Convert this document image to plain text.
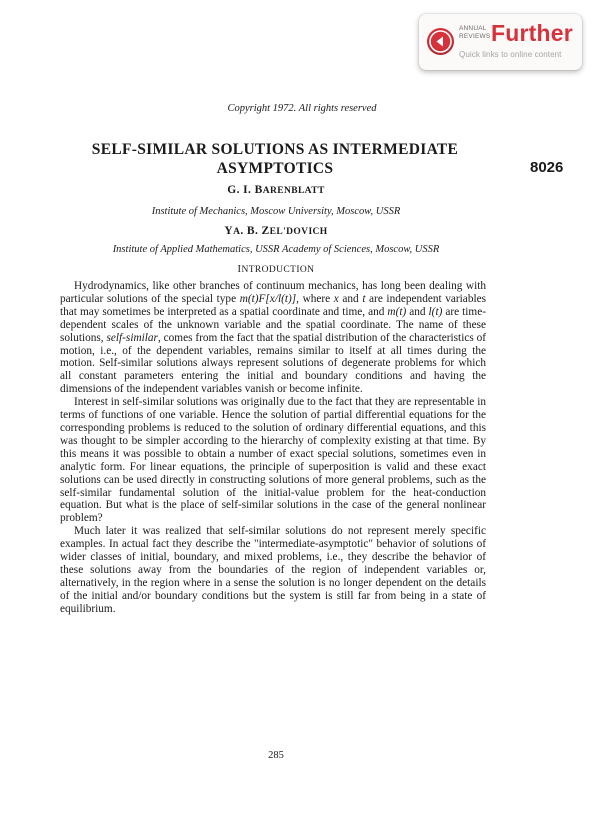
ANNUAL
REVIEWS Further
Quick links to online content
Copyright 1972. All rights reserved
SELF-SIMILAR SOLUTIONS AS INTERMEDIATE
ASYMPTOTICS	8026
G. I. BARENBLATT
Institute of Mechanics, Moscow University, Moscow, USSR
YA. B. ZEL'DOVICH
Institute of Applied Mathematics, USSR Academy of Sciences, Moscow, USSR
INTRODUCTION

Hydrodynamics, like other branches of continuum mechanics, has long been dealing with particular solutions of the special type m(t)F[x/l(t)], where x and t are independent variables that may sometimes be interpreted as a spatial coordinate and time, and m(t) and l(t) are time-dependent scales of the unknown variable and the spatial coordinate. The name of these solutions, self-similar, comes from the fact that the spatial distribution of the characteristics of motion, i.e., of the dependent variables, remains similar to itself at all times during the motion. Self-similar solutions always represent solutions of degenerate problems for which all constant parameters entering the initial and boundary conditions and having the dimensions of the independent variables vanish or become infinite.

Interest in self-similar solutions was originally due to the fact that they are representable in terms of functions of one variable. Hence the solution of partial differential equations for the corresponding problems is reduced to the solution of ordinary differential equations, and this was thought to be simpler according to the hierarchy of complexity existing at that time. By this means it was possible to obtain a number of exact special solutions, sometimes even in analytic form. For linear equations, the principle of superposition is valid and these exact solutions can be used directly in constructing solutions of more general problems, such as the self-similar fundamental solution of the initial-value problem for the heat-conduction equation. But what is the place of self-similar solutions in the case of the general nonlinear problem?

Much later it was realized that self-similar solutions do not represent merely specific examples. In actual fact they describe the "intermediate-asymptotic" behavior of solutions of wider classes of initial, boundary, and mixed problems, i.e., they describe the behavior of these solutions away from the boundaries of the region of independent variables or, alternatively, in the region where in a sense the solution is no longer dependent on the details of the initial and/or boundary conditions but the system is still far from being in a state of equilibrium.

285
